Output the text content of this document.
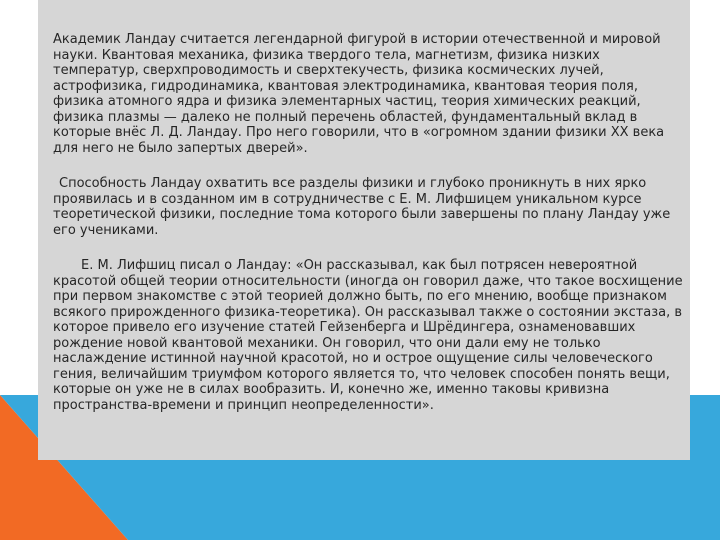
Академик Ландау считается легендарной фигурой в истории отечественной и мировой науки. Квантовая механика, физика твердого тела, магнетизм, физика низких температур, сверхпроводимость и сверхтекучесть, физика космических лучей, астрофизика, гидродинамика, квантовая электродинамика, квантовая теория поля, физика атомного ядра и физика элементарных частиц, теория химических реакций, физика плазмы — далеко не полный перечень областей, фундаментальный вклад в которые внёс Л. Д. Ландау. Про него говорили, что в «огромном здании физики XX века для него не было запертых дверей».

Способность Ландау охватить все разделы физики и глубоко проникнуть в них ярко проявилась и в созданном им в сотрудничестве с Е. М. Лифшицем уникальном курсе теоретической физики, последние тома которого были завершены по плану Ландау уже его учениками.

Е. М. Лифшиц писал о Ландау: «Он рассказывал, как был потрясен невероятной красотой общей теории относительности (иногда он говорил даже, что такое восхищение при первом знакомстве с этой теорией должно быть, по его мнению, вообще признаком всякого прирожденного физика-теоретика). Он рассказывал также о состоянии экстаза, в которое привело его изучение статей Гейзенберга и Шрёдингера, ознаменовавших рождение новой квантовой механики. Он говорил, что они дали ему не только наслаждение истинной научной красотой, но и острое ощущение силы человеческого гения, величайшим триумфом которого является то, что человек способен понять вещи, которые он уже не в силах вообразить. И, конечно же, именно таковы кривизна пространства-времени и принцип неопределенности».
